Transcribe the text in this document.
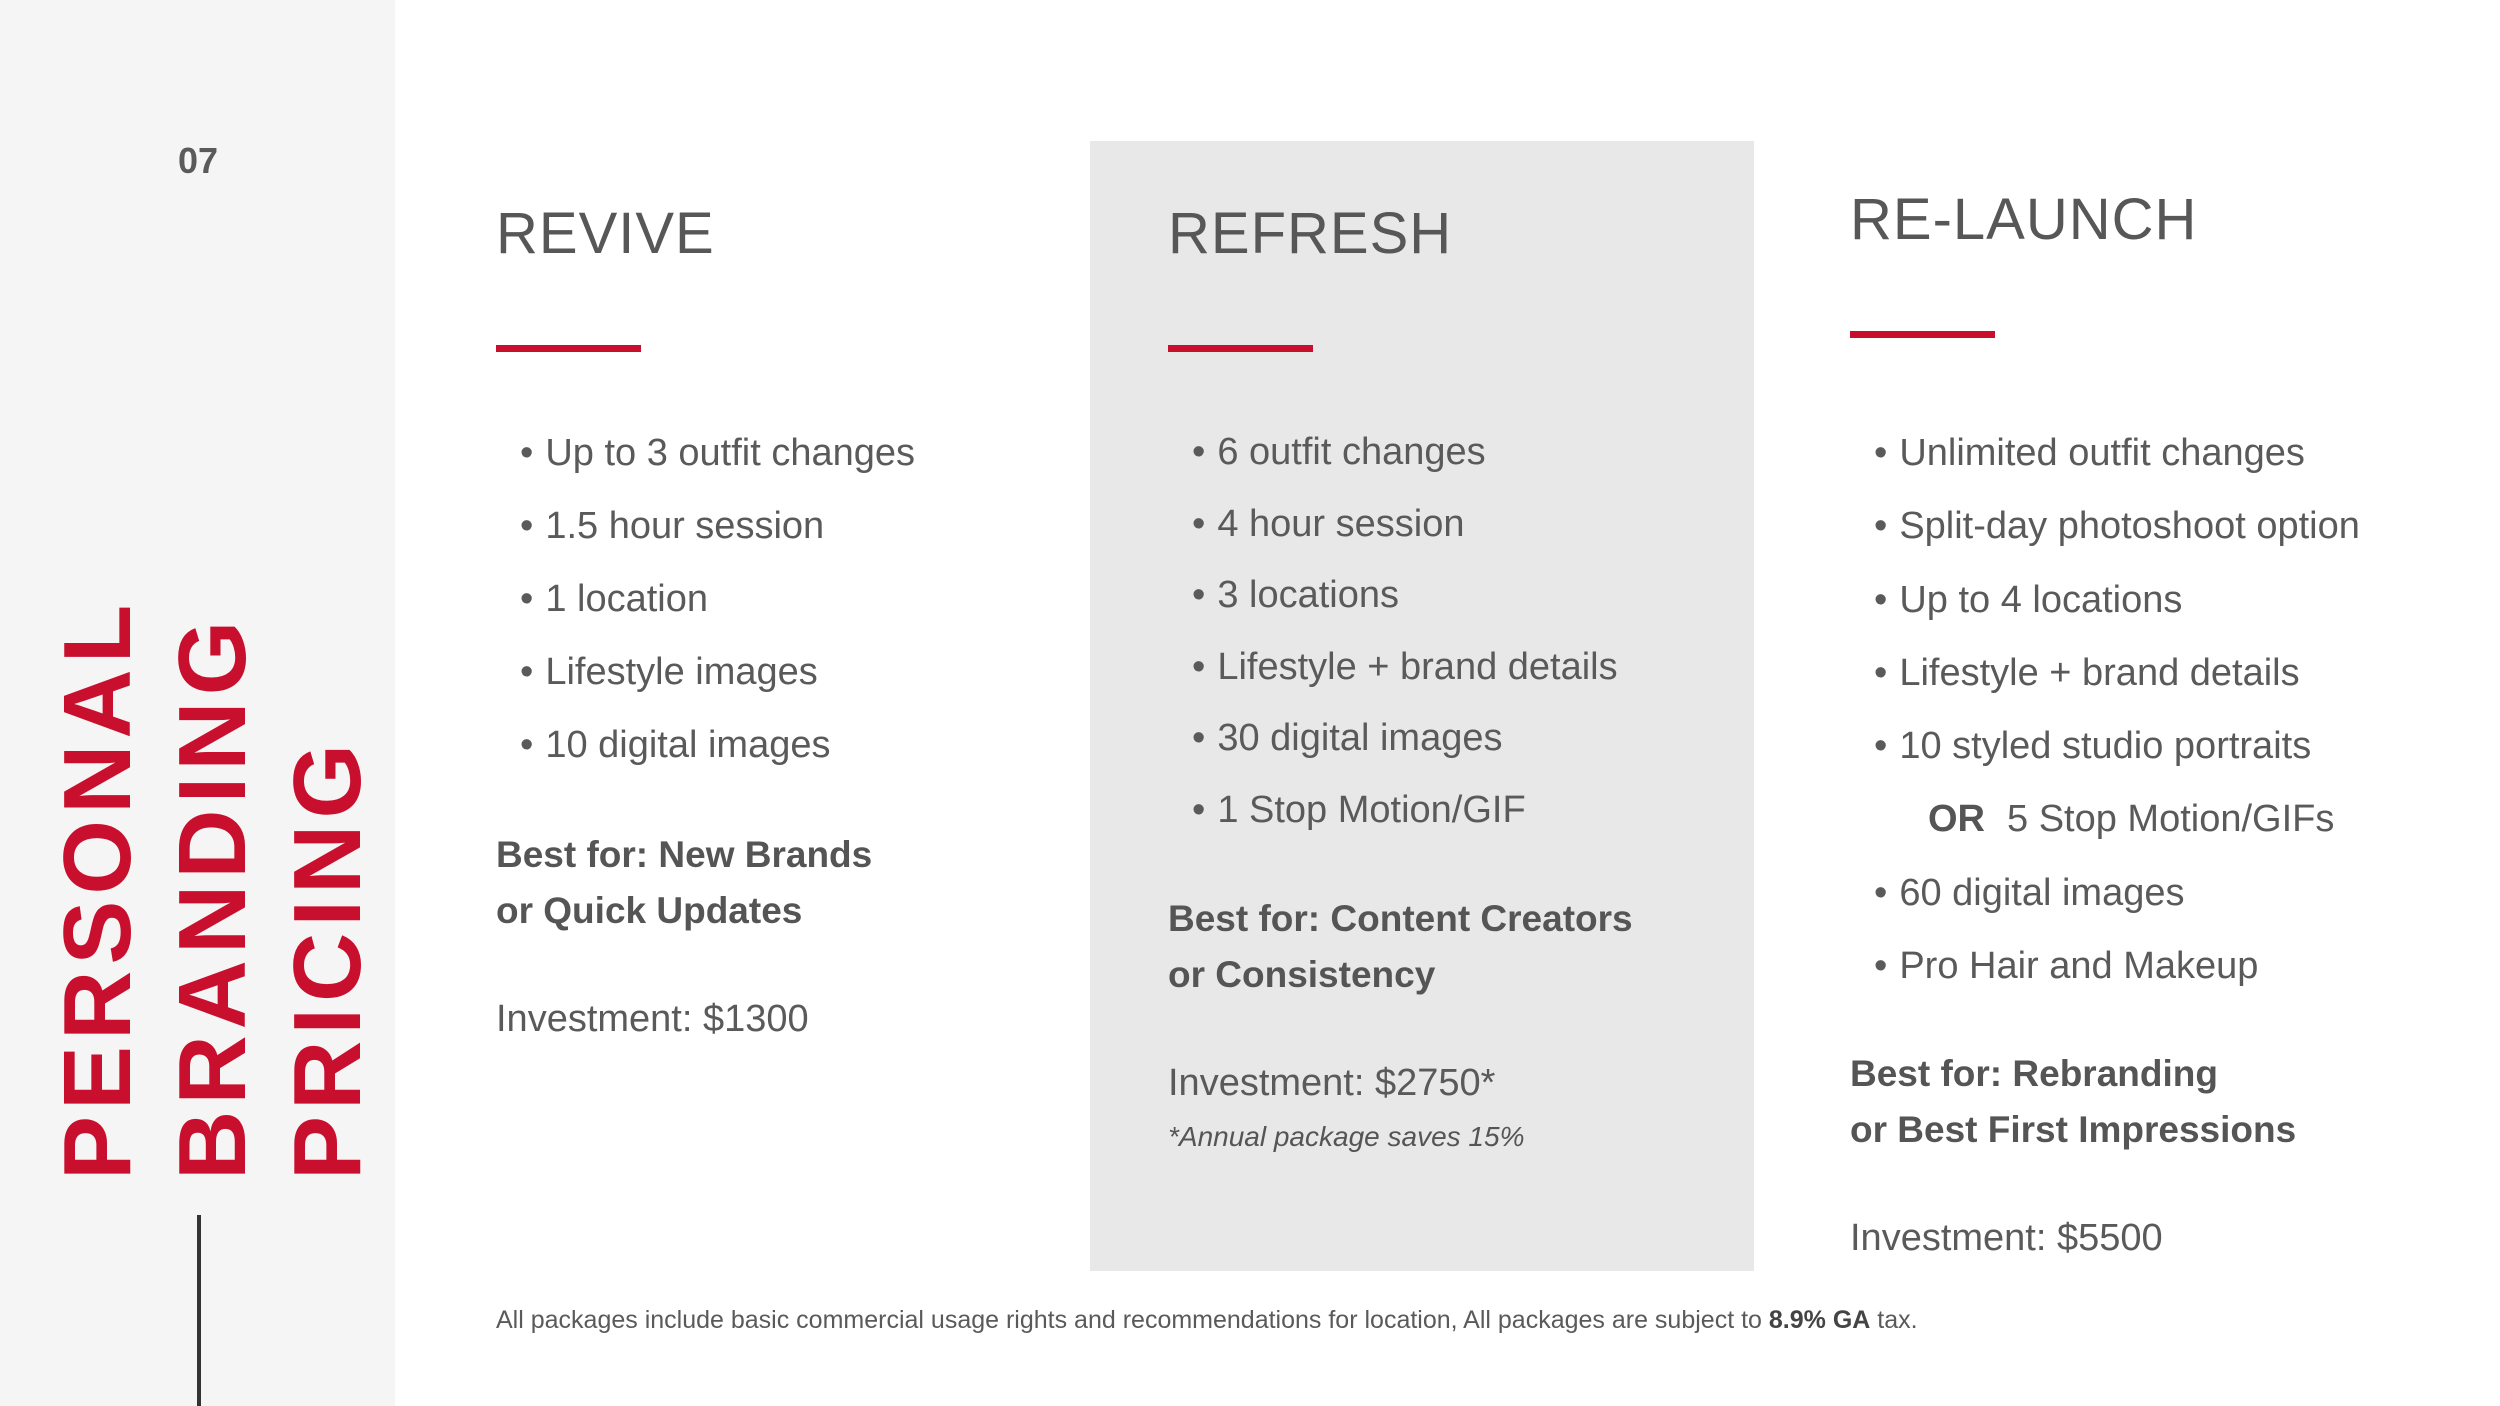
07
PERSONAL BRANDING PRICING
REVIVE
• Up to 3 outfit changes
• 1.5 hour session
• 1 location
• Lifestyle images
• 10 digital images
Best for: New Brands
or Quick Updates
Investment: $1300
REFRESH
• 6 outfit changes
• 4 hour session
• 3 locations
• Lifestyle + brand details
• 30 digital images
• 1 Stop Motion/GIF
Best for: Content Creators
or Consistency
Investment: $2750*
*Annual package saves 15%
RE-LAUNCH
• Unlimited outfit changes
• Split-day photoshoot option
• Up to 4 locations
• Lifestyle + brand details
• 10 styled studio portraits
OR 5 Stop Motion/GIFs
• 60 digital images
• Pro Hair and Makeup
Best for: Rebranding
or Best First Impressions
Investment: $5500
All packages include basic commercial usage rights and recommendations for location, All packages are subject to 8.9% GA tax.
